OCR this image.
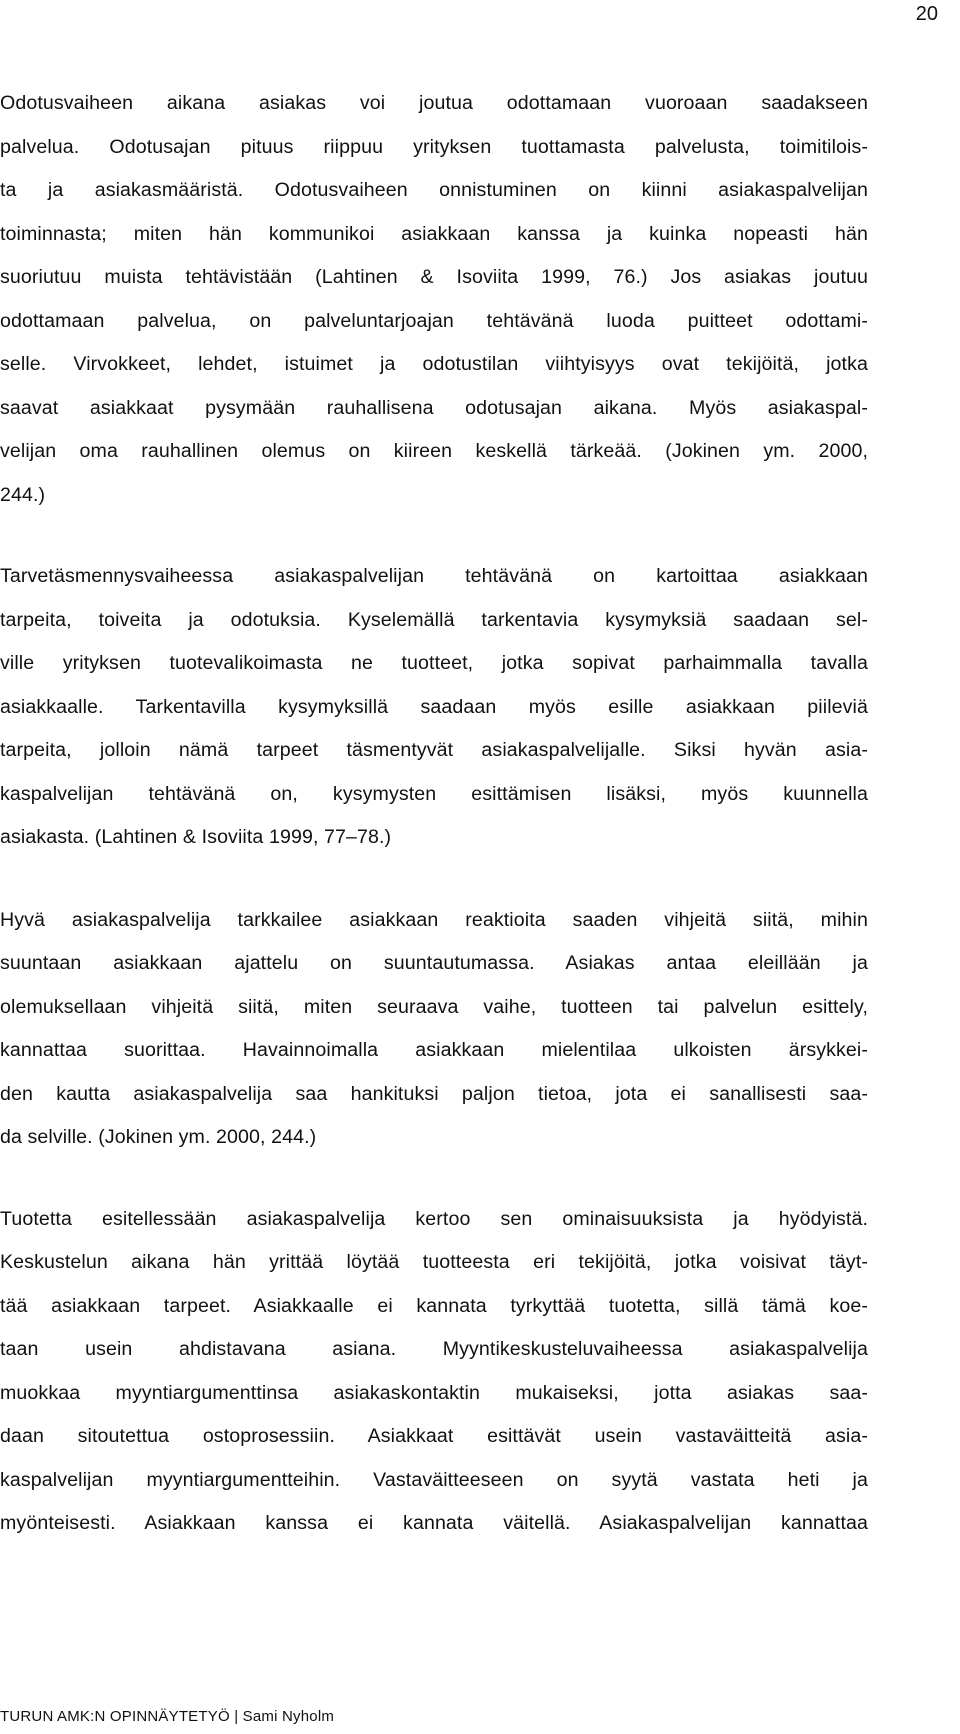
20

Odotusvaiheen aikana asiakas voi joutua odottamaan vuoroaan saadakseen
palvelua. Odotusajan pituus riippuu yrityksen tuottamasta palvelusta, toimitilois-
ta ja asiakasmääristä. Odotusvaiheen onnistuminen on kiinni asiakaspalvelijan
toiminnasta; miten hän kommunikoi asiakkaan kanssa ja kuinka nopeasti hän
suoriutuu muista tehtävistään (Lahtinen & Isoviita 1999, 76.) Jos asiakas joutuu
odottamaan palvelua, on palveluntarjoajan tehtävänä luoda puitteet odottami-
selle. Virvokkeet, lehdet, istuimet ja odotustilan viihtyisyys ovat tekijöitä, jotka
saavat asiakkaat pysymään rauhallisena odotusajan aikana. Myös asiakaspal-
velijan oma rauhallinen olemus on kiireen keskellä tärkeää. (Jokinen ym. 2000,
244.)

Tarvetäsmennysvaiheessa asiakaspalvelijan tehtävänä on kartoittaa asiakkaan
tarpeita, toiveita ja odotuksia. Kyselemällä tarkentavia kysymyksiä saadaan sel-
ville yrityksen tuotevalikoimasta ne tuotteet, jotka sopivat parhaimmalla tavalla
asiakkaalle. Tarkentavilla kysymyksillä saadaan myös esille asiakkaan piileviä
tarpeita, jolloin nämä tarpeet täsmentyvät asiakaspalvelijalle. Siksi hyvän asia-
kaspalvelijan tehtävänä on, kysymysten esittämisen lisäksi, myös kuunnella
asiakasta. (Lahtinen & Isoviita 1999, 77–78.)

Hyvä asiakaspalvelija tarkkailee asiakkaan reaktioita saaden vihjeitä siitä, mihin
suuntaan asiakkaan ajattelu on suuntautumassa. Asiakas antaa eleillään ja
olemuksellaan vihjeitä siitä, miten seuraava vaihe, tuotteen tai palvelun esittely,
kannattaa suorittaa. Havainnoimalla asiakkaan mielentilaa ulkoisten ärsykkei-
den kautta asiakaspalvelija saa hankituksi paljon tietoa, jota ei sanallisesti saa-
da selville. (Jokinen ym. 2000, 244.)

Tuotetta esitellessään asiakaspalvelija kertoo sen ominaisuuksista ja hyödyistä.
Keskustelun aikana hän yrittää löytää tuotteesta eri tekijöitä, jotka voisivat täyt-
tää asiakkaan tarpeet. Asiakkaalle ei kannata tyrkyttää tuotetta, sillä tämä koe-
taan usein ahdistavana asiana. Myyntikeskusteluvaiheessa asiakaspalvelija
muokkaa myyntiargumenttinsa asiakaskontaktin mukaiseksi, jotta asiakas saa-
daan sitoutettua ostoprosessiin. Asiakkaat esittävät usein vastaväitteitä asia-
kaspalvelijan myyntiargumentteihin. Vastaväitteeseen on syytä vastata heti ja
myönteisesti. Asiakkaan kanssa ei kannata väitellä. Asiakaspalvelijan kannattaa

TURUN AMK:N OPINNÄYTETYÖ | Sami Nyholm
